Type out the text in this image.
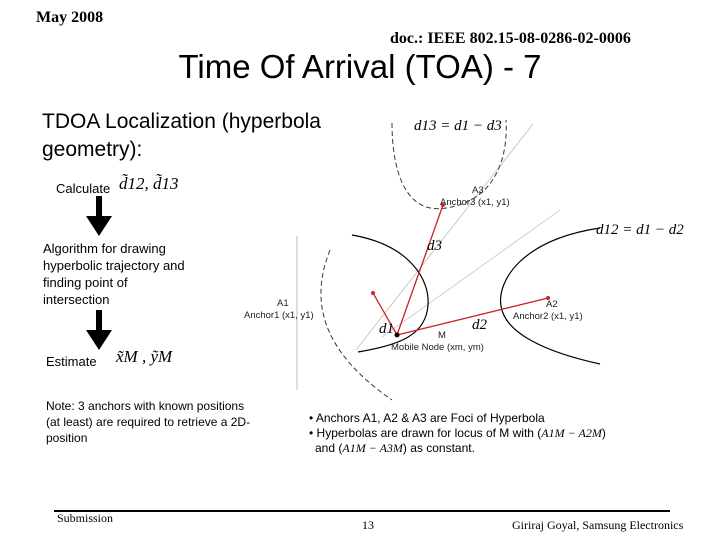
May 2008
doc.: IEEE 802.15-08-0286-02-0006
Time Of Arrival (TOA) - 7
TDOA Localization (hyperbola geometry):
Calculate d̃12, d̃13
Algorithm for drawing hyperbolic trajectory and finding point of intersection
Estimate x̃M , ỹM
d13 = d1 − d3
d12 = d1 − d2
d3
d1	d2
A3
Anchor3 (x1, y1)
A1
Anchor1 (x1, y1)
A2
Anchor2 (x1, y1)
M
Mobile Node (xm, ym)
Note: 3 anchors with known positions (at least) are required to retrieve a 2D-position
• Anchors A1, A2 & A3 are Foci of Hyperbola
• Hyperbolas are drawn for locus of M with (A1M − A2M)
and (A1M − A3M) as constant.
Submission	13	Giriraj Goyal, Samsung Electronics
